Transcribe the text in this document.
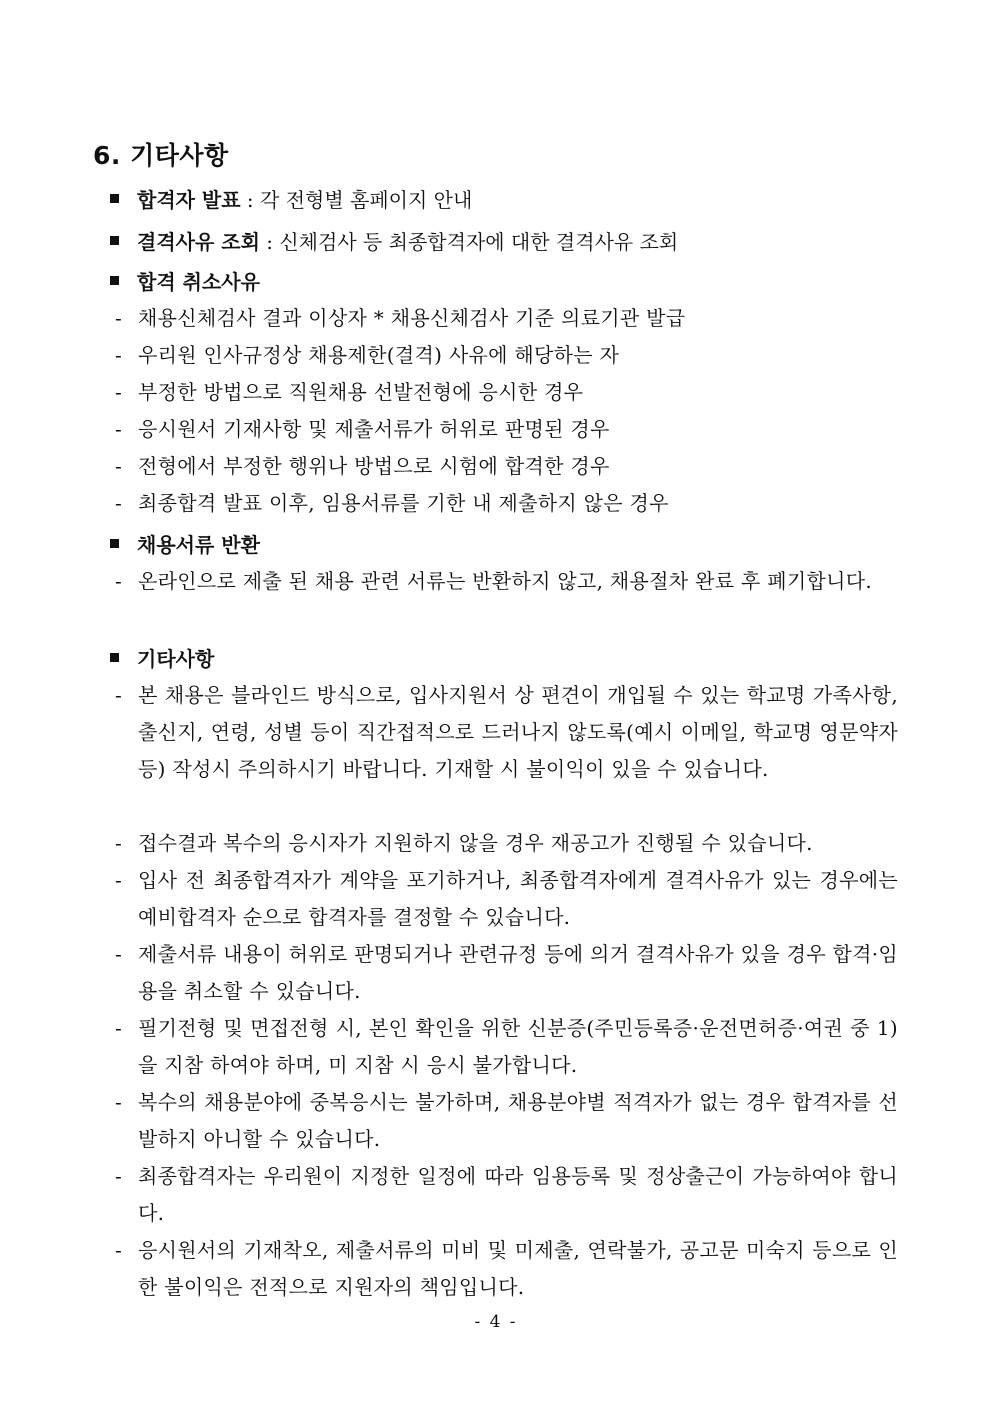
6. 기타사항
합격자 발표 : 각 전형별 홈페이지 안내
결격사유 조회 : 신체검사 등 최종합격자에 대한 결격사유 조회
합격 취소사유
- 채용신체검사 결과 이상자 * 채용신체검사 기준 의료기관 발급
- 우리원 인사규정상 채용제한(결격) 사유에 해당하는 자
- 부정한 방법으로 직원채용 선발전형에 응시한 경우
- 응시원서 기재사항 및 제출서류가 허위로 판명된 경우
- 전형에서 부정한 행위나 방법으로 시험에 합격한 경우
- 최종합격 발표 이후, 임용서류를 기한 내 제출하지 않은 경우
채용서류 반환
- 온라인으로 제출 된 채용 관련 서류는 반환하지 않고, 채용절차 완료 후 폐기합니다.
기타사항
- 본 채용은 블라인드 방식으로, 입사지원서 상 편견이 개입될 수 있는 학교명 가족사항, 출신지, 연령, 성별 등이 직간접적으로 드러나지 않도록(예시 이메일, 학교명 영문약자 등) 작성시 주의하시기 바랍니다. 기재할 시 불이익이 있을 수 있습니다.
- 접수결과 복수의 응시자가 지원하지 않을 경우 재공고가 진행될 수 있습니다.
- 입사 전 최종합격자가 계약을 포기하거나, 최종합격자에게 결격사유가 있는 경우에는 예비합격자 순으로 합격자를 결정할 수 있습니다.
- 제출서류 내용이 허위로 판명되거나 관련규정 등에 의거 결격사유가 있을 경우 합격·임용을 취소할 수 있습니다.
- 필기전형 및 면접전형 시, 본인 확인을 위한 신분증(주민등록증·운전면허증·여권 중 1)을 지참 하여야 하며, 미 지참 시 응시 불가합니다.
- 복수의 채용분야에 중복응시는 불가하며, 채용분야별 적격자가 없는 경우 합격자를 선발하지 아니할 수 있습니다.
- 최종합격자는 우리원이 지정한 일정에 따라 임용등록 및 정상출근이 가능하여야 합니다.
- 응시원서의 기재착오, 제출서류의 미비 및 미제출, 연락불가, 공고문 미숙지 등으로 인한 불이익은 전적으로 지원자의 책임입니다.
- 4 -
